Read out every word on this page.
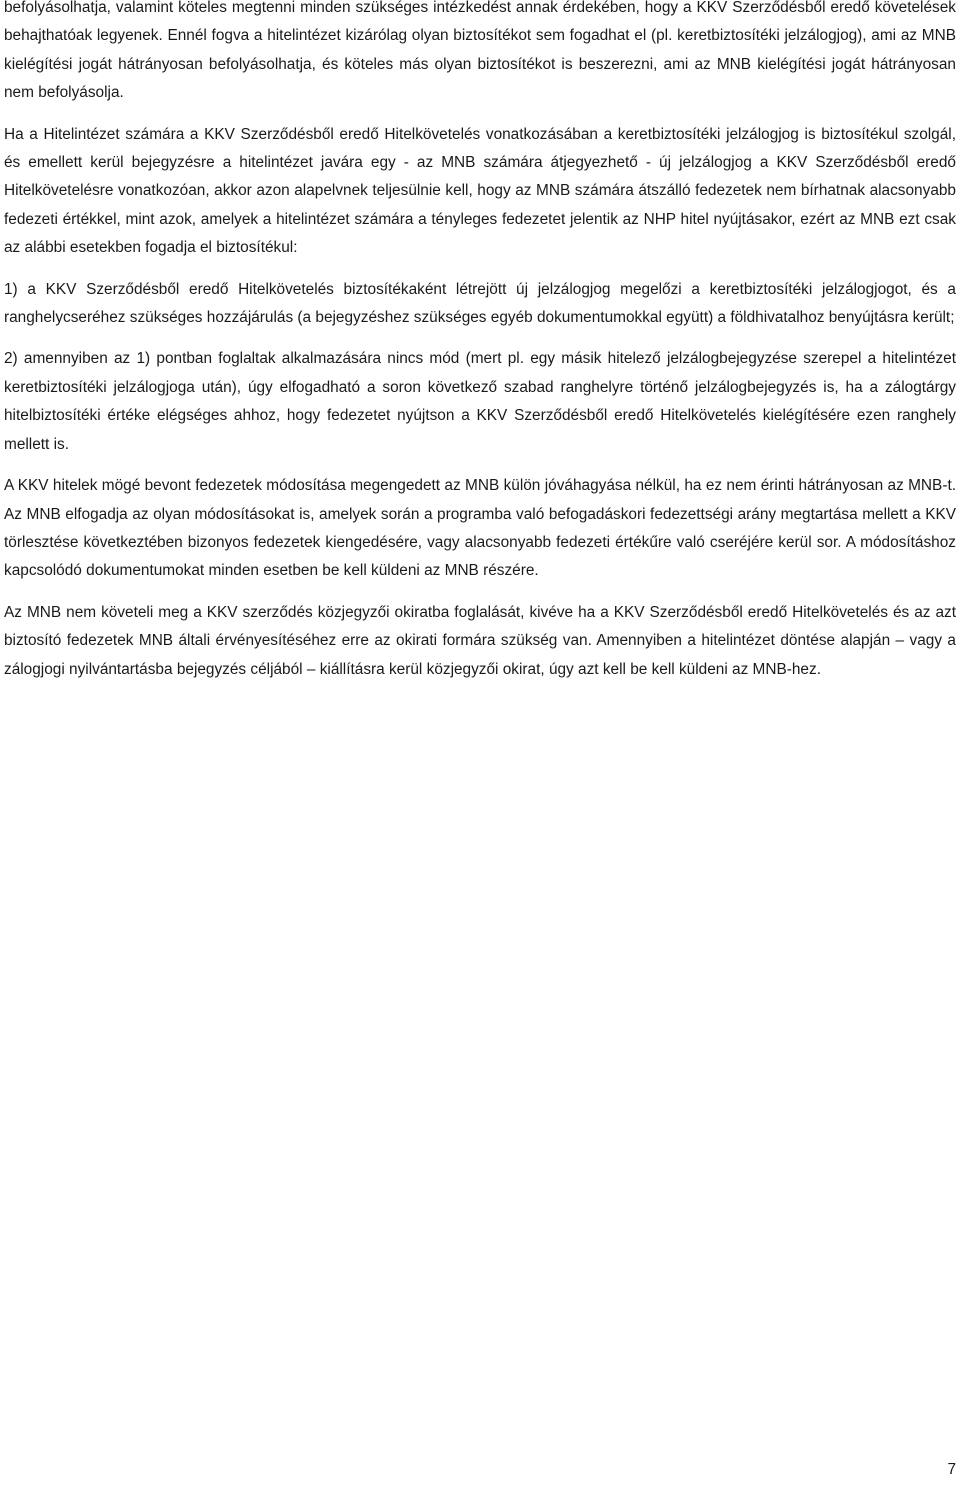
befolyásolhatja, valamint köteles megtenni minden szükséges intézkedést annak érdekében, hogy a KKV Szerződésből eredő követelések behajthatóak legyenek. Ennél fogva a hitelintézet kizárólag olyan biztosítékot sem fogadhat el (pl. keretbiztosítéki jelzálogjog), ami az MNB kielégítési jogát hátrányosan befolyásolhatja, és köteles más olyan biztosítékot is beszerezni, ami az MNB kielégítési jogát hátrányosan nem befolyásolja.

Ha a Hitelintézet számára a KKV Szerződésből eredő Hitelkövetelés vonatkozásában a keretbiztosítéki jelzálogjog is biztosítékul szolgál, és emellett kerül bejegyzésre a hitelintézet javára egy - az MNB számára átjegyezhető - új jelzálogjog a KKV Szerződésből eredő Hitelkövetelésre vonatkozóan, akkor azon alapelvnek teljesülnie kell, hogy az MNB számára átszálló fedezetek nem bírhatnak alacsonyabb fedezeti értékkel, mint azok, amelyek a hitelintézet számára a tényleges fedezetet jelentik az NHP hitel nyújtásakor, ezért az MNB ezt csak az alábbi esetekben fogadja el biztosítékul:

1) a KKV Szerződésből eredő Hitelkövetelés biztosítékaként létrejött új jelzálogjog megelőzi a keretbiztosítéki jelzálogjogot, és a ranghelycseréhez szükséges hozzájárulás (a bejegyzéshez szükséges egyéb dokumentumokkal együtt) a földhivatalhoz benyújtásra került;

2) amennyiben az 1) pontban foglaltak alkalmazására nincs mód (mert pl. egy másik hitelező jelzálogbejegyzése szerepel a hitelintézet keretbiztosítéki jelzálogjoga után), úgy elfogadható a soron következő szabad ranghelyre történő jelzálogbejegyzés is, ha a zálogtárgy hitelbiztosítéki értéke elégséges ahhoz, hogy fedezetet nyújtson a KKV Szerződésből eredő Hitelkövetelés kielégítésére ezen ranghely mellett is.

A KKV hitelek mögé bevont fedezetek módosítása megengedett az MNB külön jóváhagyása nélkül, ha ez nem érinti hátrányosan az MNB-t. Az MNB elfogadja az olyan módosításokat is, amelyek során a programba való befogadáskori fedezettségi arány megtartása mellett a KKV törlesztése következtében bizonyos fedezetek kiengedésére, vagy alacsonyabb fedezeti értékűre való cseréjére kerül sor. A módosításhoz kapcsolódó dokumentumokat minden esetben be kell küldeni az MNB részére.

Az MNB nem követeli meg a KKV szerződés közjegyzői okiratba foglalását, kivéve ha a KKV Szerződésből eredő Hitelkövetelés és az azt biztosító fedezetek MNB általi érvényesítéséhez erre az okirati formára szükség van. Amennyiben a hitelintézet döntése alapján – vagy a zálogjogi nyilvántartásba bejegyzés céljából – kiállításra kerül közjegyzői okirat, úgy azt kell be kell küldeni az MNB-hez.

7
